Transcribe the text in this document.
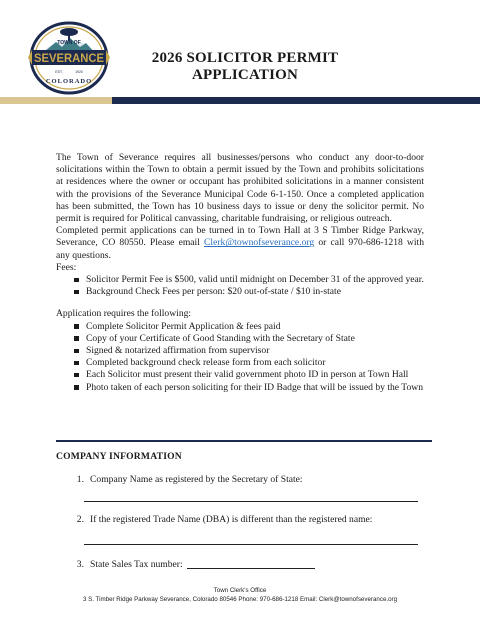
TOWN OF
SEVERANCE
EST.	1920
COLORADO
2026 SOLICITOR PERMIT
APPLICATION

The Town of Severance requires all businesses/persons who conduct any door-to-door solicitations within the Town to obtain a permit issued by the Town and prohibits solicitations at residences where the owner or occupant has prohibited solicitations in a manner consistent with the provisions of the Severance Municipal Code 6-1-150. Once a completed application has been submitted, the Town has 10 business days to issue or deny the solicitor permit. No permit is required for Political canvassing, charitable fundraising, or religious outreach.

Completed permit applications can be turned in to Town Hall at 3 S Timber Ridge Parkway, Severance, CO 80550. Please email Clerk@townofseverance.org or call 970-686-1218 with any questions.

Fees:

Solicitor Permit Fee is $500, valid until midnight on December 31 of the approved year.
Background Check Fees per person: $20 out-of-state / $10 in-state

Application requires the following:

Complete Solicitor Permit Application & fees paid
Copy of your Certificate of Good Standing with the Secretary of State
Signed & notarized affirmation from supervisor
Completed background check release form from each solicitor
Each Solicitor must present their valid government photo ID in person at Town Hall
Photo taken of each person soliciting for their ID Badge that will be issued by the Town
COMPANY INFORMATION
1. Company Name as registered by the Secretary of State:
2. If the registered Trade Name (DBA) is different than the registered name:
3. State Sales Tax number:
Town Clerk's Office
3 S. Timber Ridge Parkway Severance, Colorado 80546 Phone: 970-686-1218 Email: Clerk@townofseverance.org
